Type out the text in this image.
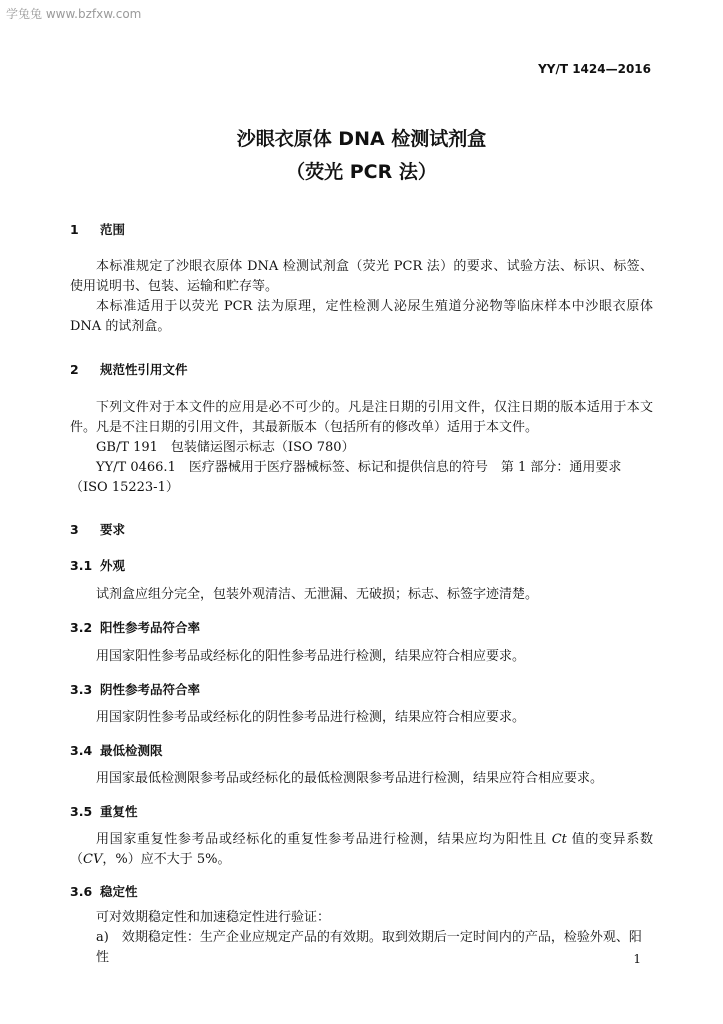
学兔兔 www.bzfxw.com
YY/T 1424—2016
沙眼衣原体 DNA 检测试剂盒
（荧光 PCR 法）
1 范围

本标准规定了沙眼衣原体 DNA 检测试剂盒（荧光 PCR 法）的要求、试验方法、标识、标签、使用说明书、包装、运输和贮存等。

本标准适用于以荧光 PCR 法为原理，定性检测人泌尿生殖道分泌物等临床样本中沙眼衣原体 DNA 的试剂盒。

2 规范性引用文件

下列文件对于本文件的应用是必不可少的。凡是注日期的引用文件，仅注日期的版本适用于本文件。凡是不注日期的引用文件，其最新版本（包括所有的修改单）适用于本文件。

GB/T 191　包装储运图示标志（ISO 780）

YY/T 0466.1　医疗器械用于医疗器械标签、标记和提供信息的符号　第 1 部分：通用要求

（ISO 15223-1）

3 要求
3.1 外观

试剂盒应组分完全，包装外观清洁、无泄漏、无破损；标志、标签字迹清楚。

3.2 阳性参考品符合率

用国家阳性参考品或经标化的阳性参考品进行检测，结果应符合相应要求。

3.3 阴性参考品符合率

用国家阴性参考品或经标化的阴性参考品进行检测，结果应符合相应要求。

3.4 最低检测限

用国家最低检测限参考品或经标化的最低检测限参考品进行检测，结果应符合相应要求。

3.5 重复性

用国家重复性参考品或经标化的重复性参考品进行检测，结果应均为阳性且 Ct 值的变异系数（CV，%）应不大于 5%。

3.6 稳定性

可对效期稳定性和加速稳定性进行验证：

a)　效期稳定性：生产企业应规定产品的有效期。取到效期后一定时间内的产品，检验外观、阳性	1
